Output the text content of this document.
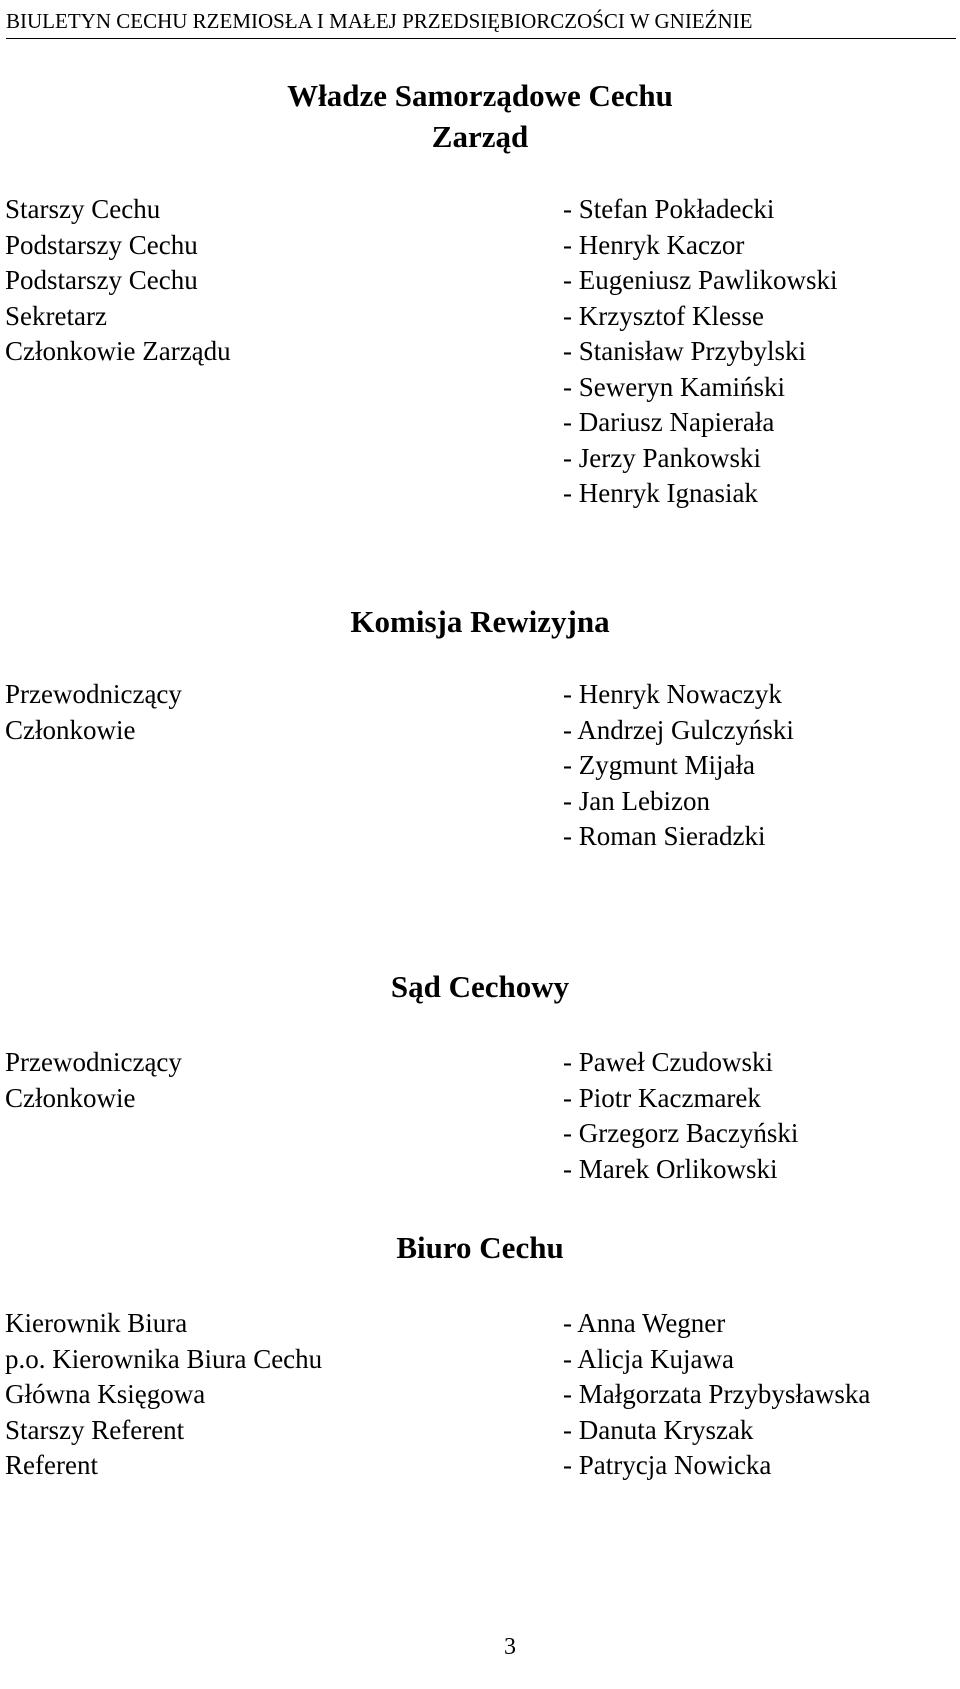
BIULETYN CECHU RZEMIOSŁA I MAŁEJ PRZEDSIĘBIORCZOŚCI W GNIEŹNIE
Władze Samorządowe Cechu
Zarząd
Starszy Cechu
Podstarszy Cechu
Podstarszy Cechu
Sekretarz
Członkowie Zarządu
- Stefan Pokładecki
- Henryk Kaczor
- Eugeniusz Pawlikowski
- Krzysztof Klesse
- Stanisław Przybylski
- Seweryn Kamiński
- Dariusz Napierała
- Jerzy Pankowski
- Henryk Ignasiak
Komisja Rewizyjna
Przewodniczący
Członkowie
- Henryk Nowaczyk
- Andrzej Gulczyński
- Zygmunt Mijała
- Jan Lebizon
- Roman Sieradzki
Sąd Cechowy
Przewodniczący
Członkowie
- Paweł Czudowski
- Piotr Kaczmarek
- Grzegorz Baczyński
- Marek Orlikowski
Biuro Cechu
Kierownik Biura
p.o. Kierownika Biura Cechu
Główna Księgowa
Starszy Referent
Referent
- Anna Wegner
- Alicja Kujawa
- Małgorzata Przybysławska
- Danuta Kryszak
- Patrycja Nowicka
3
